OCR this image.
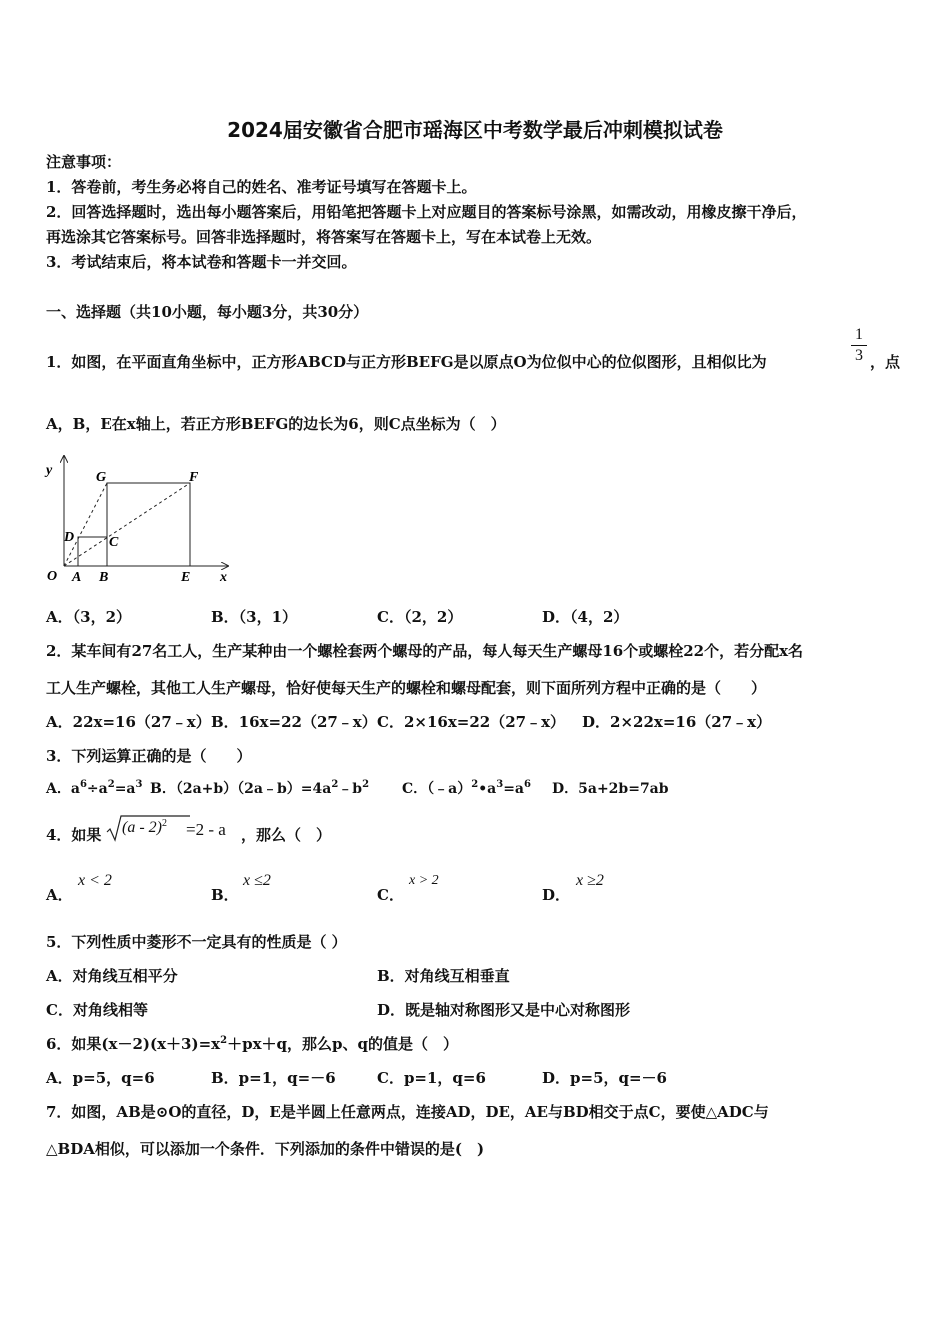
2024届安徽省合肥市瑶海区中考数学最后冲刺模拟试卷
注意事项：
1．答卷前，考生务必将自己的姓名、准考证号填写在答题卡上。
2．回答选择题时，选出每小题答案后，用铅笔把答题卡上对应题目的答案标号涂黑，如需改动，用橡皮擦干净后，
再选涂其它答案标号。回答非选择题时，将答案写在答题卡上，写在本试卷上无效。
3．考试结束后，将本试卷和答题卡一并交回。
一、选择题（共10小题，每小题3分，共30分）
1．如图，在平面直角坐标中，正方形ABCD与正方形BEFG是以原点O为位似中心的位似图形，且相似比为
1
3 ，点
A，B，E在x轴上，若正方形BEFG的边长为6，则C点坐标为（　）
y
x
O A B	E
D C
G	F
A．（3，2）	B．（3，1）	C．（2，2）	D．（4，2）
2．某车间有27名工人，生产某种由一个螺栓套两个螺母的产品，每人每天生产螺母16个或螺栓22个，若分配x名
工人生产螺栓，其他工人生产螺母，恰好使每天生产的螺栓和螺母配套，则下面所列方程中正确的是（　　）
A．22x=16（27﹣x） B．16x=22（27﹣x） C．2×16x=22（27﹣x） D．2×22x=16（27﹣x）
3．下列运算正确的是（　　）
A．$a^6\div a^2=a^3$ B．$(2a+b)(2a﹣b)=4a^2﹣b^2$ C．$(﹣a)^2•a^3=a^6$ D．5a+2b=7ab
4．如果 (a - 2)$^2$ =2 - a ，那么（　）
A．
x < 2
B．
x ≤2
C．
x > 2
D．
x ≥2
5．下列性质中菱形不一定具有的性质是（ ）
A．对角线互相平分	B．对角线互相垂直
C．对角线相等	D．既是轴对称图形又是中心对称图形
6．如果$(x-2)(x+3)=x^2+px+q$，那么p、q的值是（　）
A．p=5，q=6	B．p=1，q=－6	C．p=1，q=6	D．p=5，q=－6
7．如图，AB是⊙O的直径，D，E是半圆上任意两点，连接AD，DE，AE与BD相交于点C，要使△ADC与
△BDA相似，可以添加一个条件．下列添加的条件中错误的是(　)
